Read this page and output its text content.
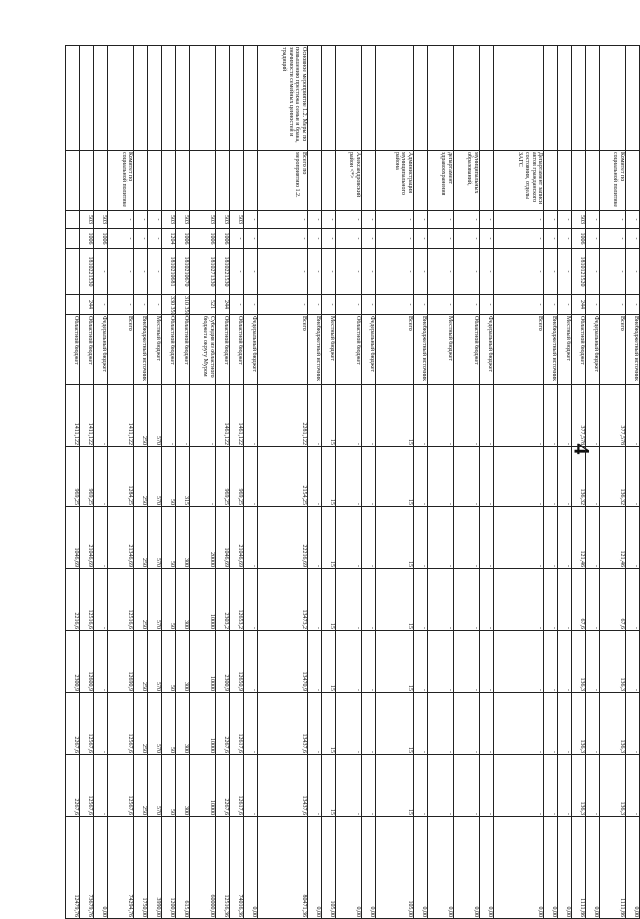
4
		-	-	-	-	Внебюджетный источник	-	-	-	-	-	-	-	0,00
	Комитет по социальной политике	-	-	-	-	Всего	377,578	136,32	121,46	67,6	136,3	136,3	136,3	1111,86
		-	-	-	-	Федеральный бюджет	-	-	-	-	-	-	-	0,00
		503	1006	1810121520	244	Областной бюджет	377,578	136,32	121,46	67,6	136,3	136,3	136,3	1111,86
		-	-	-	-	Местный бюджет	-	-	-	-	-	-	-	0,00
		-	-	-	-	Внебюджетный источник	-	-	-	-	-	-	-	0,00
	Департамент записи актов гражданского состояния, отделы ЗАГС	-	-	-	-	Всего	-	-	-	-	-	-	-	0,00
		-	-	-	-	Федеральный бюджет	-	-	-	-	-	-	-	0,00
	муниципальных образований,	-	-	-	-	Областной бюджет	-	-	-	-	-	-	-	0,00
	департамент здравоохранения	-	-	-	-	Местный бюджет	-	-	-	-	-	-	-	0,00
		-	-	-	-	Внебюджетный источник	-	-	-	-	-	-	-	0,00
	Администрация муниципального района	-	-	-	-	Всего	15	15	15	15	15	15	15	105,00
		-	-	-	-	Федеральный бюджет	-	-	-	-	-	-	-	0,00
	Александровский район <*>	-	-	-	-	Областной бюджет	-	-	-	-	-	-	-	0,00
		-	-	-	-	Местный бюджет	15	15	15	15	15	15	15	105,00
		-	-	-	-	Внебюджетный источник	-	-	-	-	-	-	-	0,00
Основное мероприятие 1.2. Меры по повышению престижа семьи и брака, значимости семейных ценностей и традиций	Всего по мероприятию 1.2.	-	-	-	-	Всего	2281,122	2154,25	22216,69	13473,2	13470,9	13437,6	13437,6	80471,36
		-	-	-	-	Федеральный бюджет	-	-	-	-	-	-	-	0,00
		503	-	-	-	Областной бюджет	1461,122	969,25	21046,69	12653,2	12650,9	12617,6	12617,6	74016,36
		503	1006	1810221530	244	Областной бюджет	1461,122	969,25	1046,69	2303,2	2300,9	2267,6	2267,6	12516,36
		503	1006	1810271330	521	Субсидия из областного бюджета округу Муром	-	-	20000	10000	10000	10000	10000	60000,00
		503	1006	1810210670	310 350	Областной бюджет	-	315	300	300	300	300	300	615,00
		503	1204	1810210681	330 350	Областной бюджет	-	50	50	50	50	50	50	1200,00
		-	-	-	-	Местный бюджет	570	570	570	570	570	570	570	3990,00
		-	-	-	-	Внебюджетный источник	250	250	250	250	250	250	250	1750,00
	Комитет по социальной политике	-	-	-	-	Всего	1411,122	1284,25	21346,69	12516,6	12690,9	12567,6	12567,6	74294,76
		503	1006	-	-	Федеральный бюджет	-	-	-	-	-	-	-	0,00
		503	1006	1810221530	244	Областной бюджет	1411,122	969,25	21046,69	12516,6	12600,9	12567,6	12567,6	73679,76
						Областной бюджет	1411,122	969,25	1046,69	2216,6	2300,9	2267,6	2267,6	12479,76
